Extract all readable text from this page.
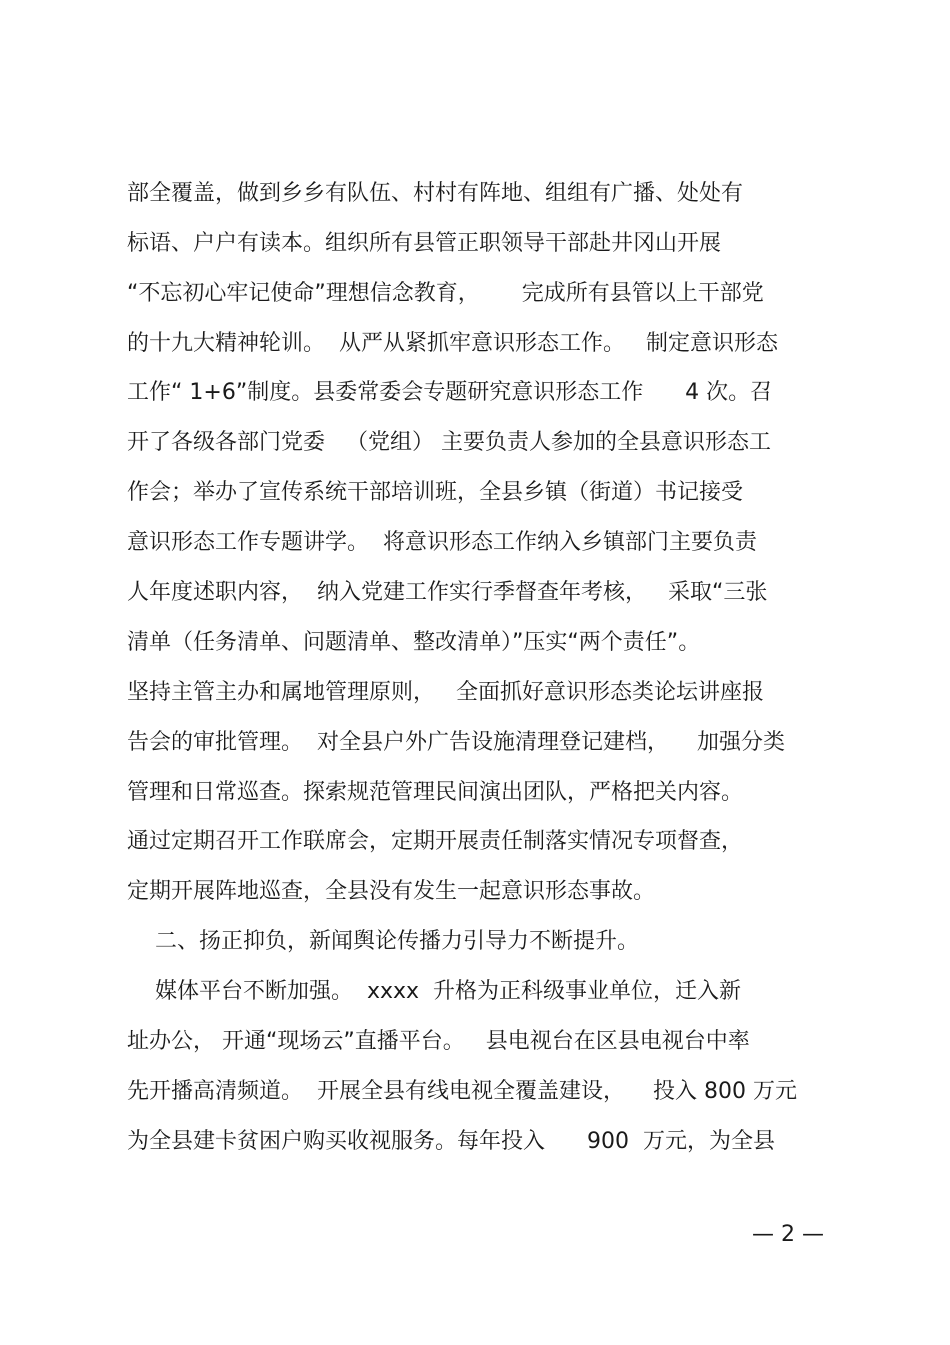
部全覆盖，做到乡乡有队伍、村村有阵地、组组有广播、处处有
标语、户户有读本。组织所有县管正职领导干部赴井冈山开展
“不忘初心牢记使命”理想信念教育，      完成所有县管以上干部党
的十九大精神轮训。  从严从紧抓牢意识形态工作。   制定意识形态
工作“ 1+6”制度。县委常委会专题研究意识形态工作      4 次。召
开了各级各部门党委   （党组） 主要负责人参加的全县意识形态工
作会；举办了宣传系统干部培训班，全县乡镇（街道）书记接受
意识形态工作专题讲学。  将意识形态工作纳入乡镇部门主要负责
人年度述职内容，  纳入党建工作实行季督查年考核，   采取“三张
清单（任务清单、问题清单、整改清单）”压实“两个责任”。
坚持主管主办和属地管理原则，   全面抓好意识形态类论坛讲座报
告会的审批管理。  对全县户外广告设施清理登记建档，    加强分类
管理和日常巡查。探索规范管理民间演出团队，严格把关内容。
通过定期召开工作联席会，定期开展责任制落实情况专项督查，
定期开展阵地巡查，全县没有发生一起意识形态事故。
二、扬正抑负，新闻舆论传播力引导力不断提升。
媒体平台不断加强。  xxxx  升格为正科级事业单位，迁入新
址办公， 开通“现场云”直播平台。   县电视台在区县电视台中率
先开播高清频道。  开展全县有线电视全覆盖建设，    投入 800 万元
为全县建卡贫困户购买收视服务。每年投入      900  万元，为全县
— 2 —
